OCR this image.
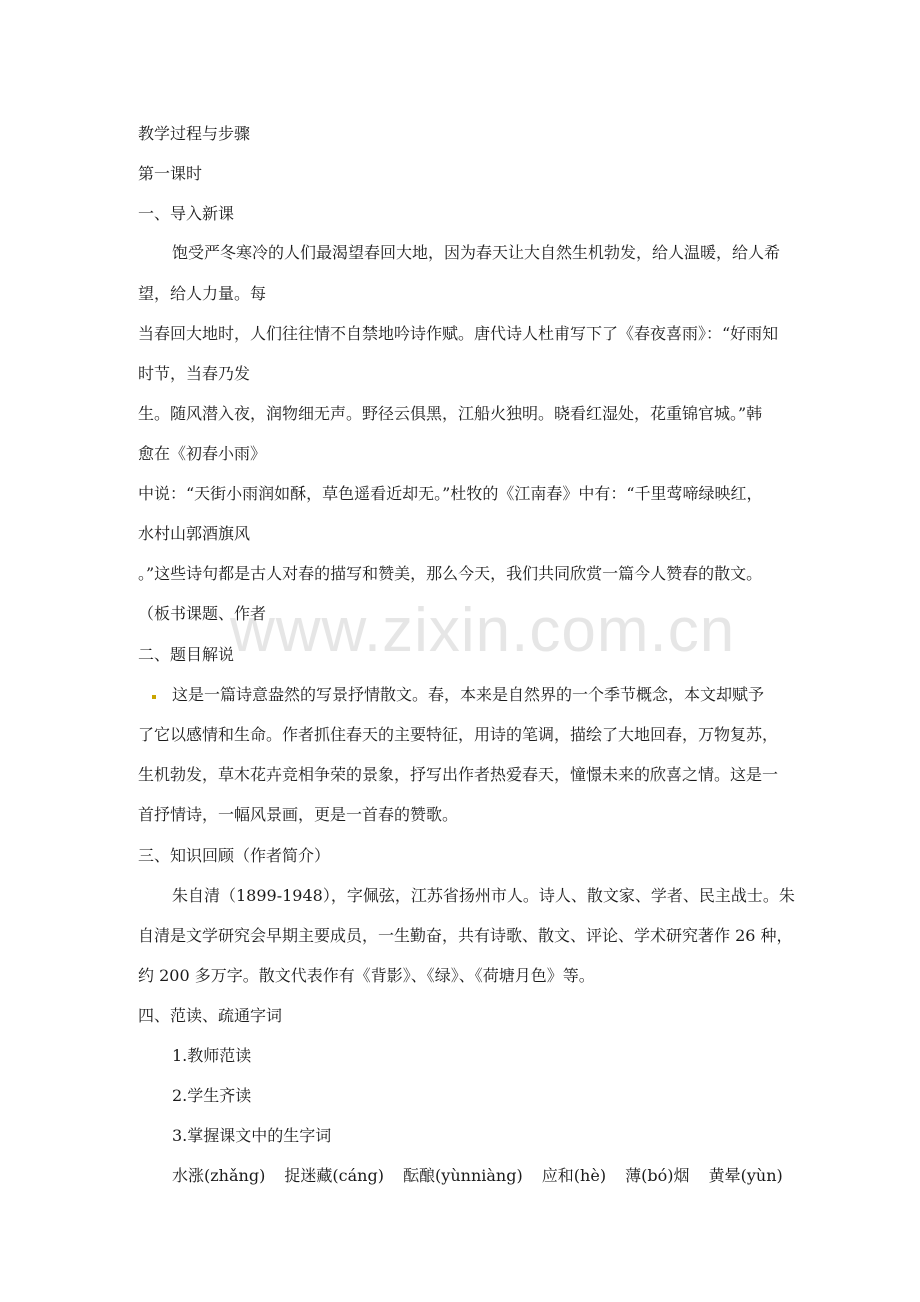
www.zixin.com.cn
教学过程与步骤
第一课时
一、导入新课
饱受严冬寒冷的人们最渴望春回大地，因为春天让大自然生机勃发，给人温暖，给人希
望，给人力量。每
当春回大地时，人们往往情不自禁地吟诗作赋。唐代诗人杜甫写下了《春夜喜雨》：“好雨知
时节，当春乃发
生。随风潜入夜，润物细无声。野径云俱黑，江船火独明。晓看红湿处，花重锦官城。”韩
愈在《初春小雨》
中说：“天街小雨润如酥，草色遥看近却无。”杜牧的《江南春》中有：“千里莺啼绿映红，
水村山郭酒旗风
。”这些诗句都是古人对春的描写和赞美，那么今天，我们共同欣赏一篇今人赞春的散文。
（板书课题、作者
二、题目解说
这是一篇诗意盎然的写景抒情散文。春，本来是自然界的一个季节概念，本文却赋予
了它以感情和生命。作者抓住春天的主要特征，用诗的笔调，描绘了大地回春，万物复苏，
生机勃发，草木花卉竞相争荣的景象，抒写出作者热爱春天，憧憬未来的欣喜之情。这是一
首抒情诗，一幅风景画，更是一首春的赞歌。
三、知识回顾（作者简介）
朱自清（1899-1948），字佩弦，江苏省扬州市人。诗人、散文家、学者、民主战士。朱
自清是文学研究会早期主要成员，一生勤奋，共有诗歌、散文、评论、学术研究著作 26 种，
约 200 多万字。散文代表作有《背影》、《绿》、《荷塘月色》等。
四、范读、疏通字词
1.教师范读
2.学生齐读
3.掌握课文中的生字词
水涨(zhǎng) 捉迷藏(cáng) 酝酿(yùnniàng) 应和(hè) 薄(bó)烟 黄晕(yùn)
